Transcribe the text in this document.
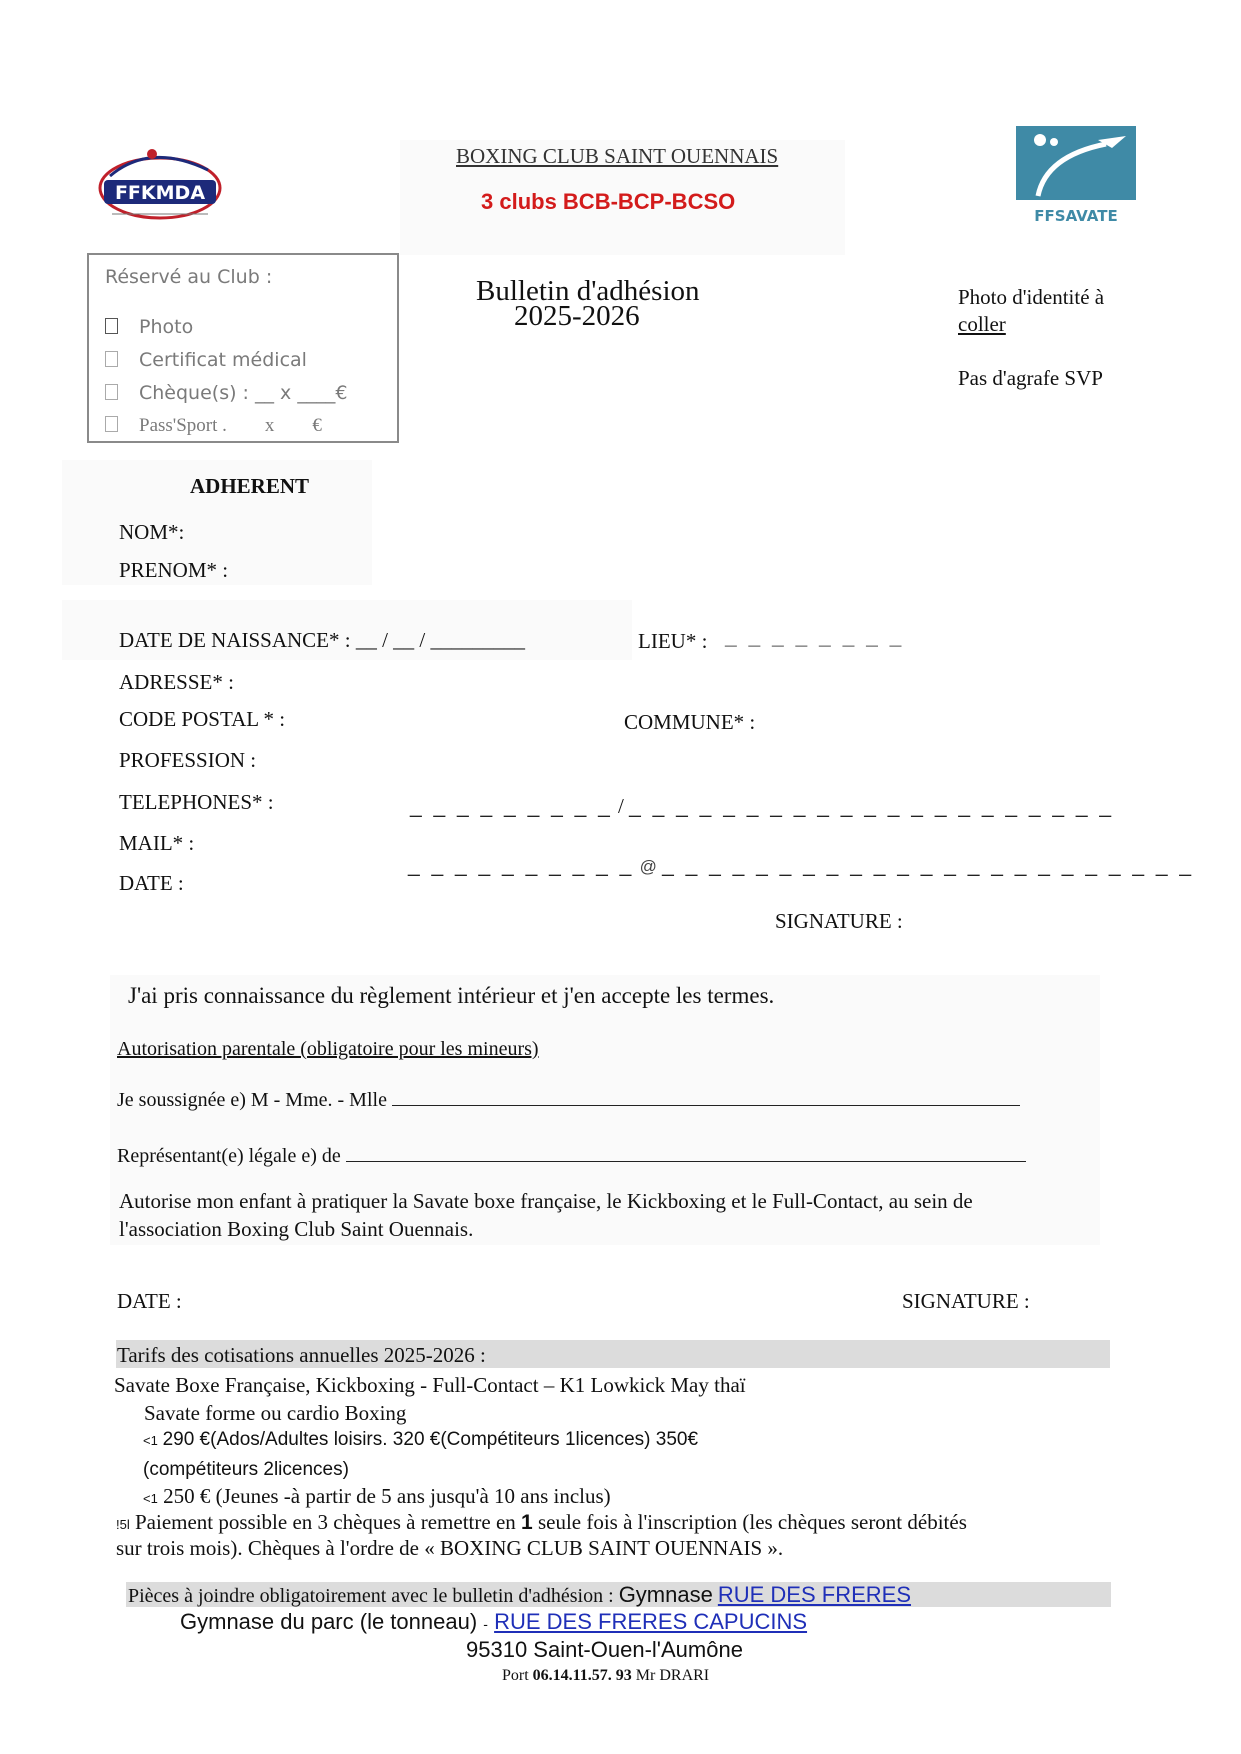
FFKMDA
FFSAVATE
BOXING CLUB SAINT OUENNAIS
3 clubs BCB-BCP-BCSO
Réservé au Club :
Photo
Certificat médical
Chèque(s) : __ x ____€
Pass'Sport .        x        €
Bulletin d'adhésion
2025-2026
Photo d'identité à
coller
Pas d'agrafe SVP
ADHERENT
NOM*:
PRENOM* :
DATE DE NAISSANCE* : __ / __ / _________	LIEU* : _ _ _ _ _ _ _ _
ADRESSE* :
CODE POSTAL * :	COMMUNE* :
PROFESSION :
TELEPHONES* :	_ _ _ _ _ _ _ _ _ / _ _ _ _ _ _ _ _ _ _ _ _ _ _ _ _ _ _ _ _ _
MAIL* :
_ _ _ _ _ _ _ _ _ _ @ _ _ _ _ _ _ _ _ _ _ _ _ _ _ _ _ _ _ _ _ _ _ _
DATE :
SIGNATURE :
J'ai pris connaissance du règlement intérieur et j'en accepte les termes.
Autorisation parentale (obligatoire pour les mineurs)
Je soussignée e) M - Mme. - Mlle
Représentant(e) légale e) de
Autorise mon enfant à pratiquer la Savate boxe française, le Kickboxing et le Full-Contact, au sein de
l'association Boxing Club Saint Ouennais.
DATE :	SIGNATURE :
Tarifs des cotisations annuelles 2025-2026 :
Savate Boxe Française, Kickboxing - Full-Contact – K1 Lowkick May thaï
Savate forme ou cardio Boxing
<1 290 €(Ados/Adultes loisirs. 320 €(Compétiteurs 1licences) 350€
(compétiteurs 2licences)
<1 250 € (Jeunes -à partir de 5 ans jusqu'à 10 ans inclus)
!5l Paiement possible en 3 chèques à remettre en 1 seule fois à l'inscription (les chèques seront débités
sur trois mois). Chèques à l'ordre de « BOXING CLUB SAINT OUENNAIS ».
Pièces à joindre obligatoirement avec le bulletin d'adhésion : Gymnase RUE DES FRERES
Gymnase du parc (le tonneau) - RUE DES FRERES CAPUCINS
95310 Saint-Ouen-l'Aumône
Port 06.14.11.57. 93 Mr DRARI
